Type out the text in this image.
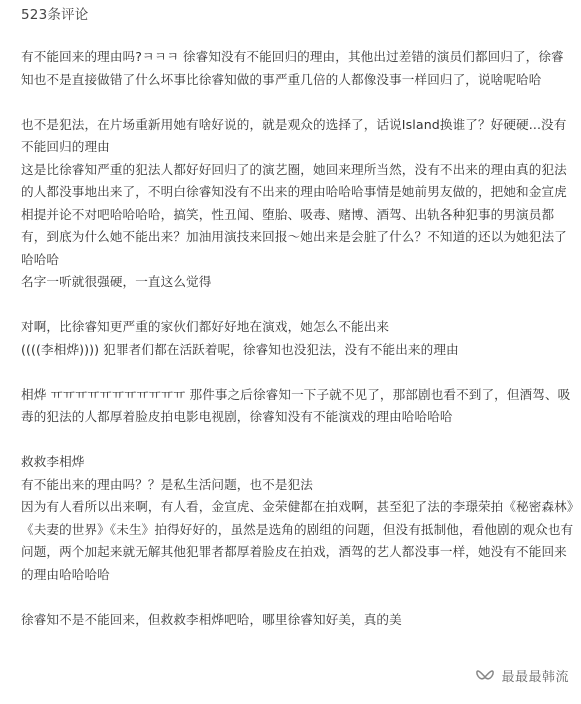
523条评论

有不能回来的理由吗?ㅋㅋㅋ 徐睿知没有不能回归的理由，其他出过差错的演员们都回归了，徐睿知也不是直接做错了什么坏事比徐睿知做的事严重几倍的人都像没事一样回归了，说啥呢哈哈

也不是犯法，在片场重新用她有啥好说的，就是观众的选择了，话说Island换谁了？好硬硬...没有不能回归的理由

这是比徐睿知严重的犯法人都好好回归了的演艺圈，她回来理所当然，没有不出来的理由真的犯法的人都没事地出来了，不明白徐睿知没有不出来的理由哈哈哈事情是她前男友做的，把她和金宣虎相提并论不对吧哈哈哈哈，搞笑，性丑闻、堕胎、吸毒、赌博、酒驾、出轨各种犯事的男演员都有，到底为什么她不能出来？加油用演技来回报～她出来是会脏了什么？不知道的还以为她犯法了哈哈哈

名字一听就很强硬，一直这么觉得

对啊，比徐睿知更严重的家伙们都好好地在演戏，她怎么不能出来

((((李相烨)))) 犯罪者们都在活跃着呢，徐睿知也没犯法，没有不能出来的理由

相烨 ㅠㅠㅠㅠㅠㅠㅠㅠㅠㅠㅠ 那件事之后徐睿知一下子就不见了，那部剧也看不到了，但酒驾、吸毒的犯法的人都厚着脸皮拍电影电视剧，徐睿知没有不能演戏的理由哈哈哈哈

救救李相烨

有不能出来的理由吗？？是私生活问题，也不是犯法

因为有人看所以出来啊，有人看，金宣虎、金荣健都在拍戏啊，甚至犯了法的李璟荣拍《秘密森林》《夫妻的世界》《未生》拍得好好的，虽然是选角的剧组的问题，但没有抵制他，看他剧的观众也有问题，两个加起来就无解其他犯罪者都厚着脸皮在拍戏，酒驾的艺人都没事一样，她没有不能回来的理由哈哈哈哈

徐睿知不是不能回来，但救救李相烨吧哈，哪里徐睿知好美，真的美

最最最韩流
